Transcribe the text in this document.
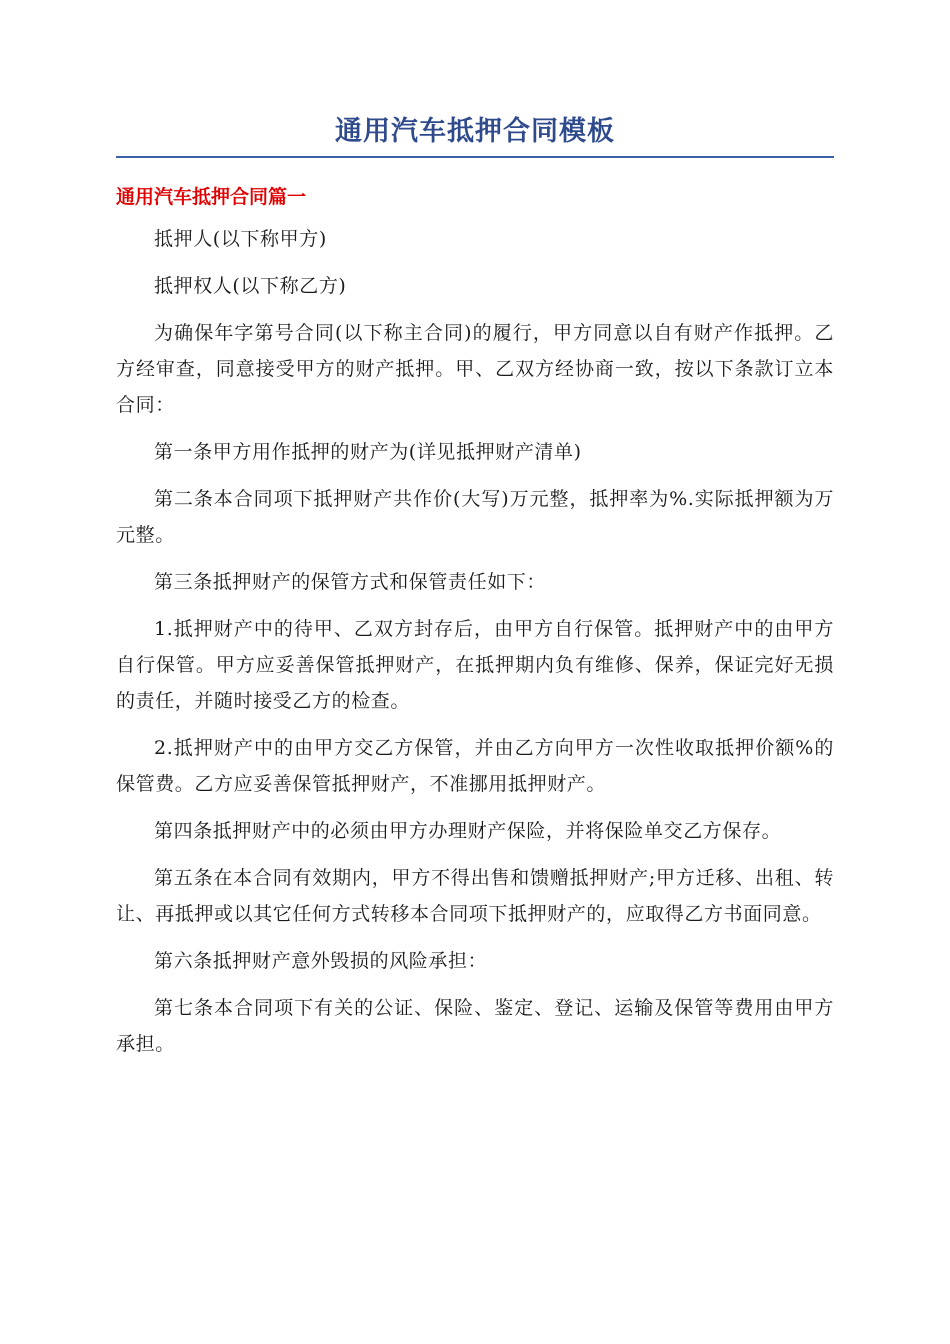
通用汽车抵押合同模板
通用汽车抵押合同篇一

抵押人(以下称甲方)

抵押权人(以下称乙方)

为确保年字第号合同(以下称主合同)的履行，甲方同意以自有财产作抵押。乙方经审查，同意接受甲方的财产抵押。甲、乙双方经协商一致，按以下条款订立本合同：

第一条甲方用作抵押的财产为(详见抵押财产清单)

第二条本合同项下抵押财产共作价(大写)万元整，抵押率为%.实际抵押额为万元整。

第三条抵押财产的保管方式和保管责任如下：

1.抵押财产中的待甲、乙双方封存后，由甲方自行保管。抵押财产中的由甲方自行保管。甲方应妥善保管抵押财产，在抵押期内负有维修、保养，保证完好无损的责任，并随时接受乙方的检查。

2.抵押财产中的由甲方交乙方保管，并由乙方向甲方一次性收取抵押价额%的保管费。乙方应妥善保管抵押财产，不准挪用抵押财产。

第四条抵押财产中的必须由甲方办理财产保险，并将保险单交乙方保存。

第五条在本合同有效期内，甲方不得出售和馈赠抵押财产;甲方迁移、出租、转让、再抵押或以其它任何方式转移本合同项下抵押财产的，应取得乙方书面同意。

第六条抵押财产意外毁损的风险承担：

第七条本合同项下有关的公证、保险、鉴定、登记、运输及保管等费用由甲方承担。
